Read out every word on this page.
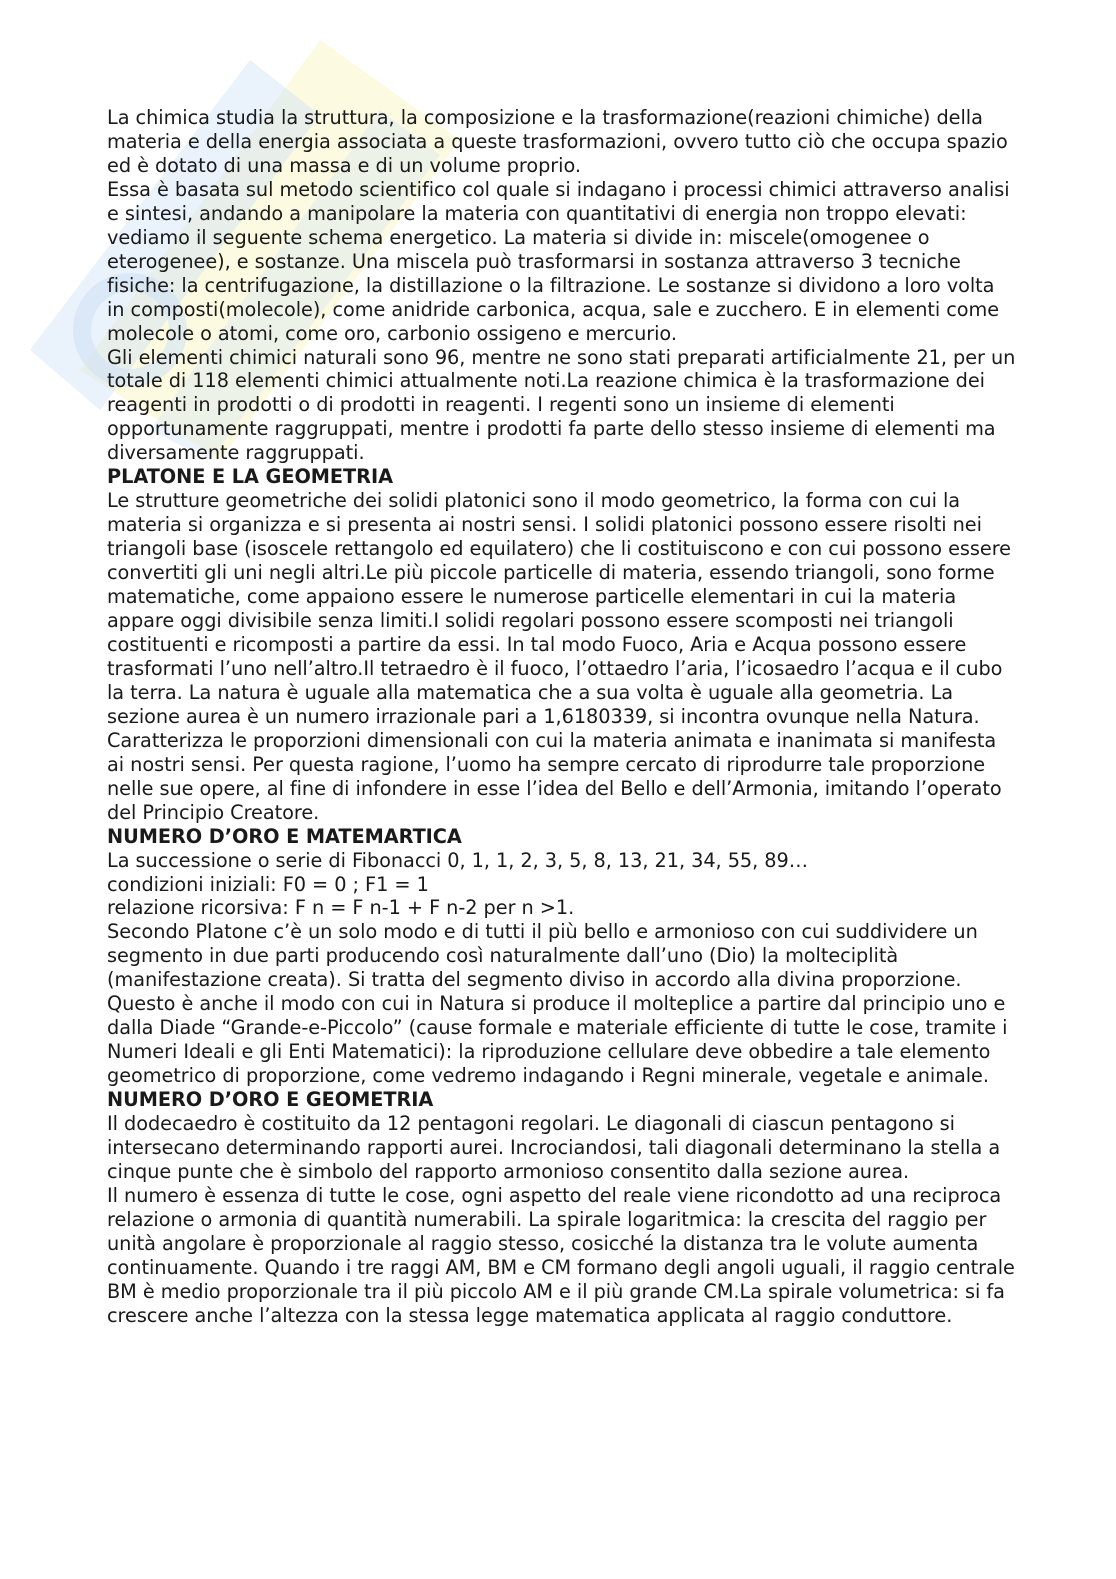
La chimica studia la struttura, la composizione e la trasformazione(reazioni chimiche) della materia e della energia associata a queste trasformazioni, ovvero tutto ciò che occupa spazio ed è dotato di una massa e di un volume proprio.

Essa è basata sul metodo scientifico col quale si indagano i processi chimici attraverso analisi e sintesi, andando a manipolare la materia con quantitativi di energia non troppo elevati: vediamo il seguente schema energetico. La materia si divide in: miscele(omogenee o eterogenee), e sostanze. Una miscela può trasformarsi in sostanza attraverso 3 tecniche fisiche: la centrifugazione, la distillazione o la filtrazione. Le sostanze si dividono a loro volta in composti(molecole), come anidride carbonica, acqua, sale e zucchero. E in elementi come molecole o atomi, come oro, carbonio ossigeno e mercurio.

Gli elementi chimici naturali sono 96, mentre ne sono stati preparati artificialmente 21, per un totale di 118 elementi chimici attualmente noti.La reazione chimica è la trasformazione dei reagenti in prodotti o di prodotti in reagenti. I regenti sono un insieme di elementi opportunamente raggruppati, mentre i prodotti fa parte dello stesso insieme di elementi ma diversamente raggruppati.

PLATONE E LA GEOMETRIA

Le strutture geometriche dei solidi platonici sono il modo geometrico, la forma con cui la materia si organizza e si presenta ai nostri sensi. I solidi platonici possono essere risolti nei triangoli base (isoscele rettangolo ed equilatero) che li costituiscono e con cui possono essere convertiti gli uni negli altri.Le più piccole particelle di materia, essendo triangoli, sono forme matematiche, come appaiono essere le numerose particelle elementari in cui la materia appare oggi divisibile senza limiti.I solidi regolari possono essere scomposti nei triangoli costituenti e ricomposti a partire da essi. In tal modo Fuoco, Aria e Acqua possono essere trasformati l’uno nell’altro.Il tetraedro è il fuoco, l’ottaedro l’aria, l’icosaedro l’acqua e il cubo la terra. La natura è uguale alla matematica che a sua volta è uguale alla geometria. La sezione aurea è un numero irrazionale pari a 1,6180339, si incontra ovunque nella Natura. Caratterizza le proporzioni dimensionali con cui la materia animata e inanimata si manifesta ai nostri sensi. Per questa ragione, l’uomo ha sempre cercato di riprodurre tale proporzione nelle sue opere, al fine di infondere in esse l’idea del Bello e dell’Armonia, imitando l’operato del Principio Creatore.

NUMERO D’ORO E MATEMARTICA

La successione o serie di Fibonacci 0, 1, 1, 2, 3, 5, 8, 13, 21, 34, 55, 89…

condizioni iniziali: F0 = 0 ; F1 = 1

relazione ricorsiva: F n = F n-1 + F n-2 per n >1.

Secondo Platone c’è un solo modo e di tutti il più bello e armonioso con cui suddividere un segmento in due parti producendo così naturalmente dall’uno (Dio) la molteciplità (manifestazione creata). Si tratta del segmento diviso in accordo alla divina proporzione. Questo è anche il modo con cui in Natura si produce il molteplice a partire dal principio uno e dalla Diade “Grande-e-Piccolo” (cause formale e materiale efficiente di tutte le cose, tramite i Numeri Ideali e gli Enti Matematici): la riproduzione cellulare deve obbedire a tale elemento geometrico di proporzione, come vedremo indagando i Regni minerale, vegetale e animale.

NUMERO D’ORO E GEOMETRIA

Il dodecaedro è costituito da 12 pentagoni regolari. Le diagonali di ciascun pentagono si intersecano determinando rapporti aurei. Incrociandosi, tali diagonali determinano la stella a cinque punte che è simbolo del rapporto armonioso consentito dalla sezione aurea.

Il numero è essenza di tutte le cose, ogni aspetto del reale viene ricondotto ad una reciproca relazione o armonia di quantità numerabili. La spirale logaritmica: la crescita del raggio per unità angolare è proporzionale al raggio stesso, cosicché la distanza tra le volute aumenta continuamente. Quando i tre raggi AM, BM e CM formano degli angoli uguali, il raggio centrale BM è medio proporzionale tra il più piccolo AM e il più grande CM.La spirale volumetrica: si fa crescere anche l’altezza con la stessa legge matematica applicata al raggio conduttore.
